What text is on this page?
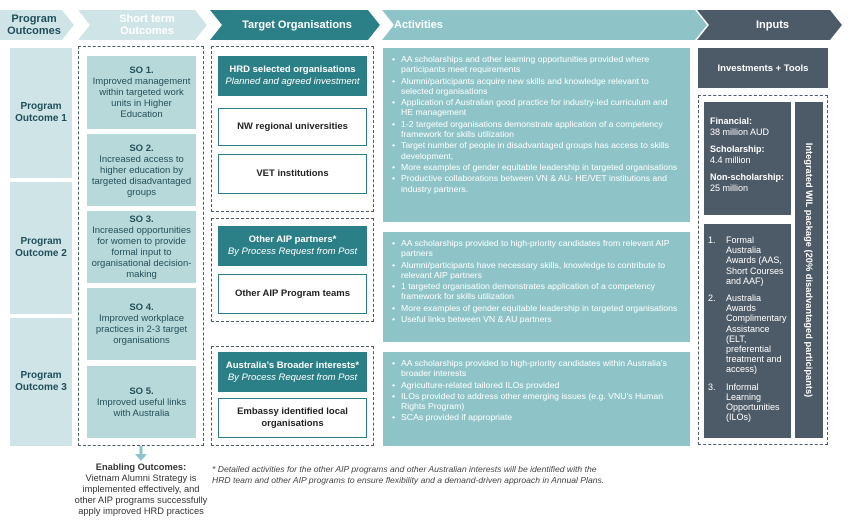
Program Outcomes
Short term Outcomes	Target Organisations	Activities	Inputs
Program Outcome 1
Program Outcome 2
Program Outcome 3
SO 1.
Improved management within targeted work units in Higher Education
SO 2.
Increased access to higher education by targeted disadvantaged groups
SO 3.
Increased opportunities for women to provide formal input to organisational decision-making
SO 4.
Improved workplace practices in 2-3 target organisations
SO 5.
Improved useful links with Australia
Enabling Outcomes:
Vietnam Alumni Strategy is implemented effectively, and other AIP programs successfully apply improved HRD practices
HRD selected organisations
Planned and agreed investment
NW regional universities
VET institutions
Other AIP partners*
By Process Request from Post
Other AIP Program teams
Australia’s Broader interests*
By Process Request from Post
Embassy identified local organisations
• AA scholarships and other learning opportunities provided where participants meet requirements
• Alumni/participants acquire new skills and knowledge relevant to selected organisations
• Application of Australian good practice for industry-led curriculum and HE management
• 1-2 targeted organisations demonstrate application of a competency framework for skills utilization
• Target number of people in disadvantaged groups has access to skills development,
• More examples of gender equitable leadership in targeted organisations
• Productive collaborations between VN & AU- HE/VET institutions and industry partners.
• AA scholarships provided to high-priority candidates from relevant AIP partners
• Alumni/participants have necessary skills, knowledge to contribute to relevant AIP partners
• 1 targeted organisation demonstrates application of a competency framework for skills utilization
• More examples of gender equitable leadership in targeted organisations
• Useful links between VN & AU partners
• AA scholarships provided to high-priority candidates within Australia’s broader interests
• Agriculture-related tailored ILOs provided
• ILOs provided to address other emerging issues (e.g. VNU’s Human Rights Program)
• SCAs provided if appropriate
* Detailed activities for the other AIP programs and other Australian interests will be identified with the HRD team and other AIP programs to ensure flexibility and a demand-driven approach in Annual Plans.
Investments + Tools
Financial:
38 million AUD
Scholarship:
4.4 million
Non-scholarship:
25 million
1.	Formal Australia Awards (AAS, Short Courses and AAF)
2.	Australia Awards Complimentary Assistance (ELT, preferential treatment and access)
3.	Informal Learning Opportunities (ILOs)
Integrated WIL package (20% disadvantaged participants)
